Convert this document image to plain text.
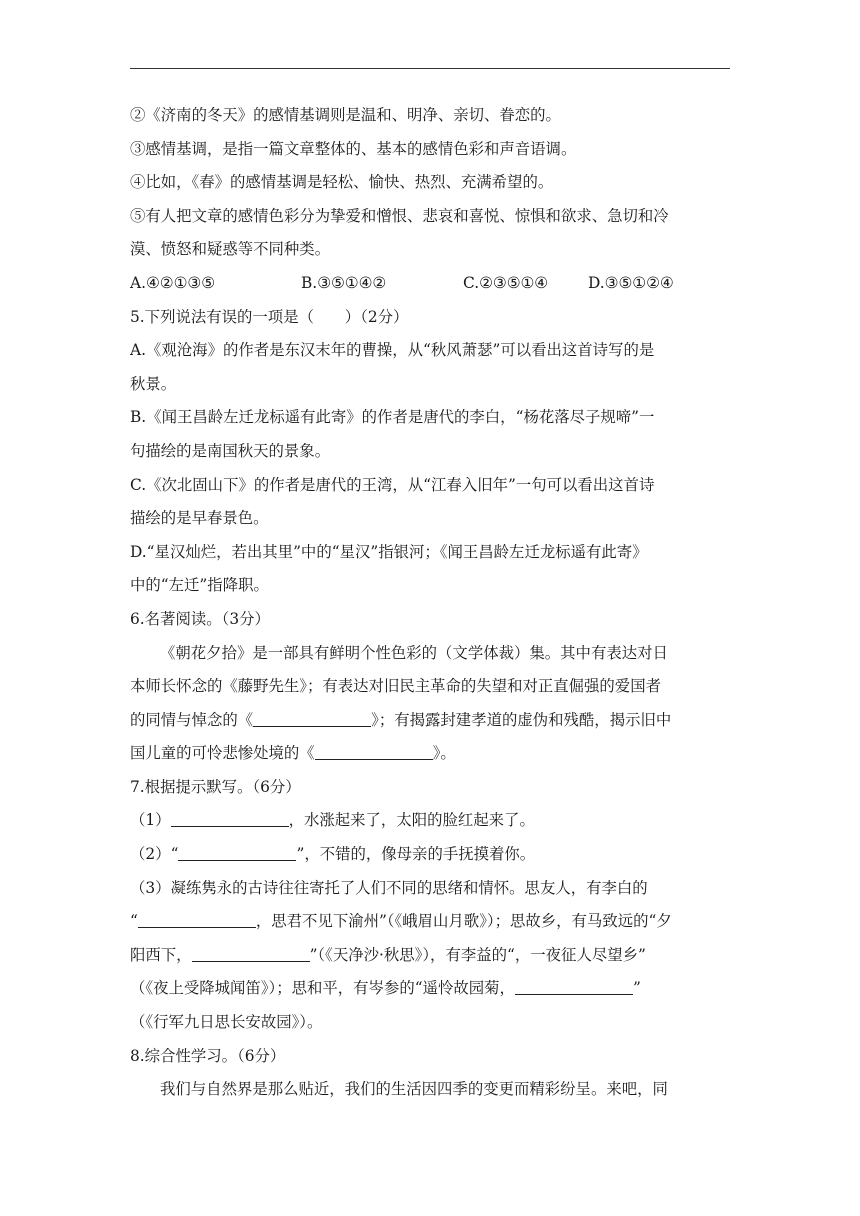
②《济南的冬天》的感情基调则是温和、明净、亲切、眷恋的。
③感情基调，是指一篇文章整体的、基本的感情色彩和声音语调。
④比如，《春》的感情基调是轻松、愉快、热烈、充满希望的。
⑤有人把文章的感情色彩分为挚爱和憎恨、悲哀和喜悦、惊惧和欲求、急切和冷
漠、愤怒和疑惑等不同种类。
A.④②①③⑤	B.③⑤①④②	C.②③⑤①④	D.③⑤①②④
5.下列说法有误的一项是（　　）（2分）
A.《观沧海》的作者是东汉末年的曹操，从“秋风萧瑟”可以看出这首诗写的是
秋景。
B.《闻王昌龄左迁龙标遥有此寄》的作者是唐代的李白，“杨花落尽子规啼”一
句描绘的是南国秋天的景象。
C.《次北固山下》的作者是唐代的王湾，从“江春入旧年”一句可以看出这首诗
描绘的是早春景色。
D.“星汉灿烂，若出其里”中的“星汉”指银河；《闻王昌龄左迁龙标遥有此寄》
中的“左迁”指降职。
6.名著阅读。（3分）
《朝花夕拾》是一部具有鲜明个性色彩的（文学体裁）集。其中有表达对日
本师长怀念的《藤野先生》；有表达对旧民主革命的失望和对正直倔强的爱国者
的同情与悼念的《	》；有揭露封建孝道的虚伪和残酷，揭示旧中
国儿童的可怜悲惨处境的《	》。
7.根据提示默写。（6分）
（1）	，水涨起来了，太阳的脸红起来了。
（2）“	”，不错的，像母亲的手抚摸着你。
（3）凝练隽永的古诗往往寄托了人们不同的思绪和情怀。思友人，有李白的
“	，思君不见下渝州”（《峨眉山月歌》）；思故乡，有马致远的“夕
阳西下，	”（《天净沙·秋思》），有李益的“，一夜征人尽望乡”
（《夜上受降城闻笛》）；思和平，有岑参的“遥怜故园菊，	”
（《行军九日思长安故园》）。
8.综合性学习。（6分）
我们与自然界是那么贴近，我们的生活因四季的变更而精彩纷呈。来吧，同
